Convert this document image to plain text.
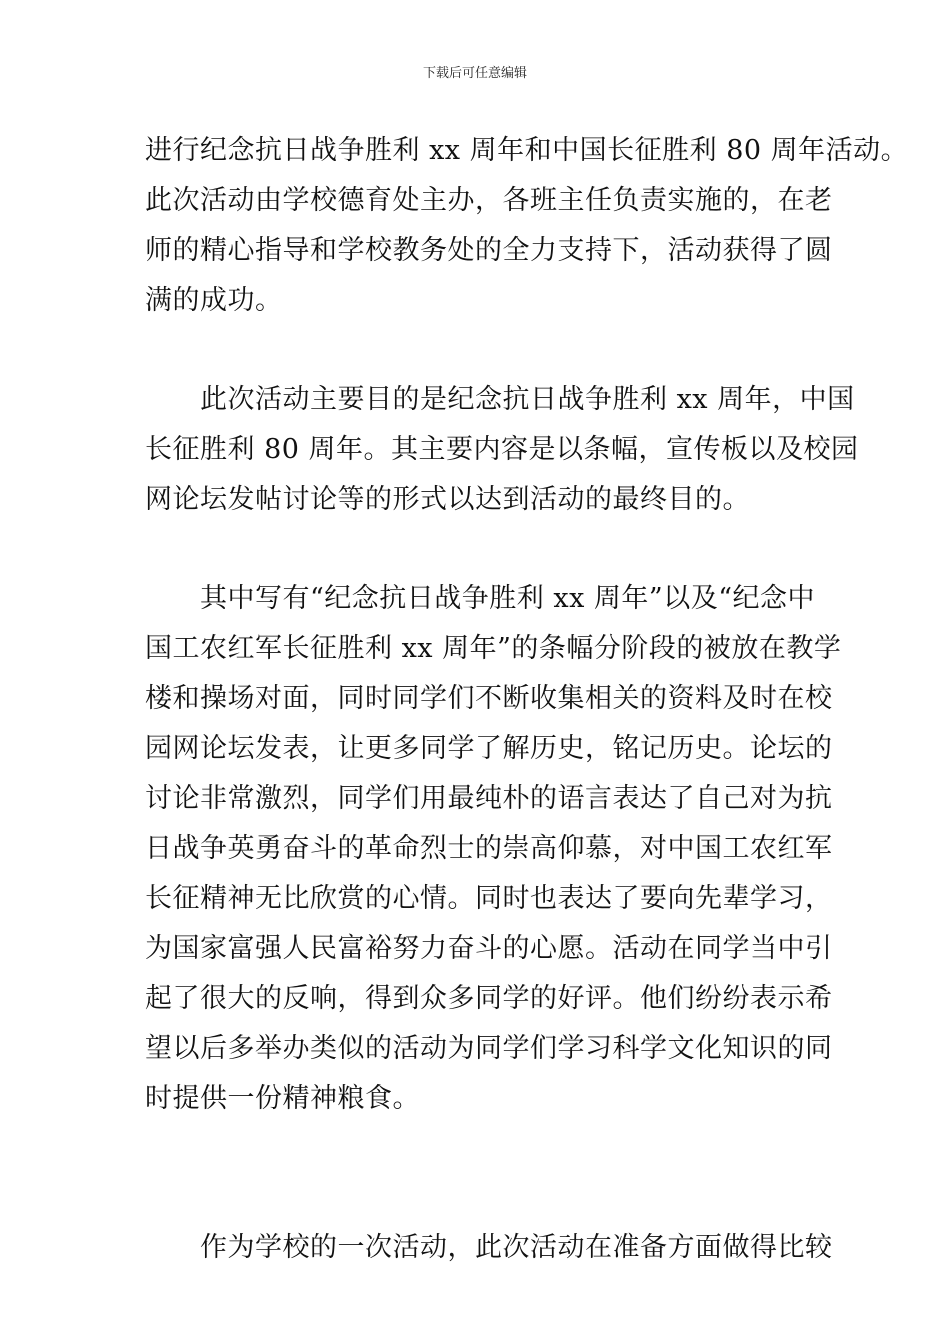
下载后可任意编辑

进行纪念抗日战争胜利 xx 周年和中国长征胜利 80 周年活动。
此次活动由学校德育处主办，各班主任负责实施的，在老
师的精心指导和学校教务处的全力支持下，活动获得了圆
满的成功。

　　此次活动主要目的是纪念抗日战争胜利 xx 周年，中国
长征胜利 80 周年。其主要内容是以条幅，宣传板以及校园
网论坛发帖讨论等的形式以达到活动的最终目的。

　　其中写有“纪念抗日战争胜利 xx 周年”以及“纪念中
国工农红军长征胜利 xx 周年”的条幅分阶段的被放在教学
楼和操场对面，同时同学们不断收集相关的资料及时在校
园网论坛发表，让更多同学了解历史，铭记历史。论坛的
讨论非常激烈，同学们用最纯朴的语言表达了自己对为抗
日战争英勇奋斗的革命烈士的崇高仰慕，对中国工农红军
长征精神无比欣赏的心情。同时也表达了要向先辈学习，
为国家富强人民富裕努力奋斗的心愿。活动在同学当中引
起了很大的反响，得到众多同学的好评。他们纷纷表示希
望以后多举办类似的活动为同学们学习科学文化知识的同
时提供一份精神粮食。

　　作为学校的一次活动，此次活动在准备方面做得比较
